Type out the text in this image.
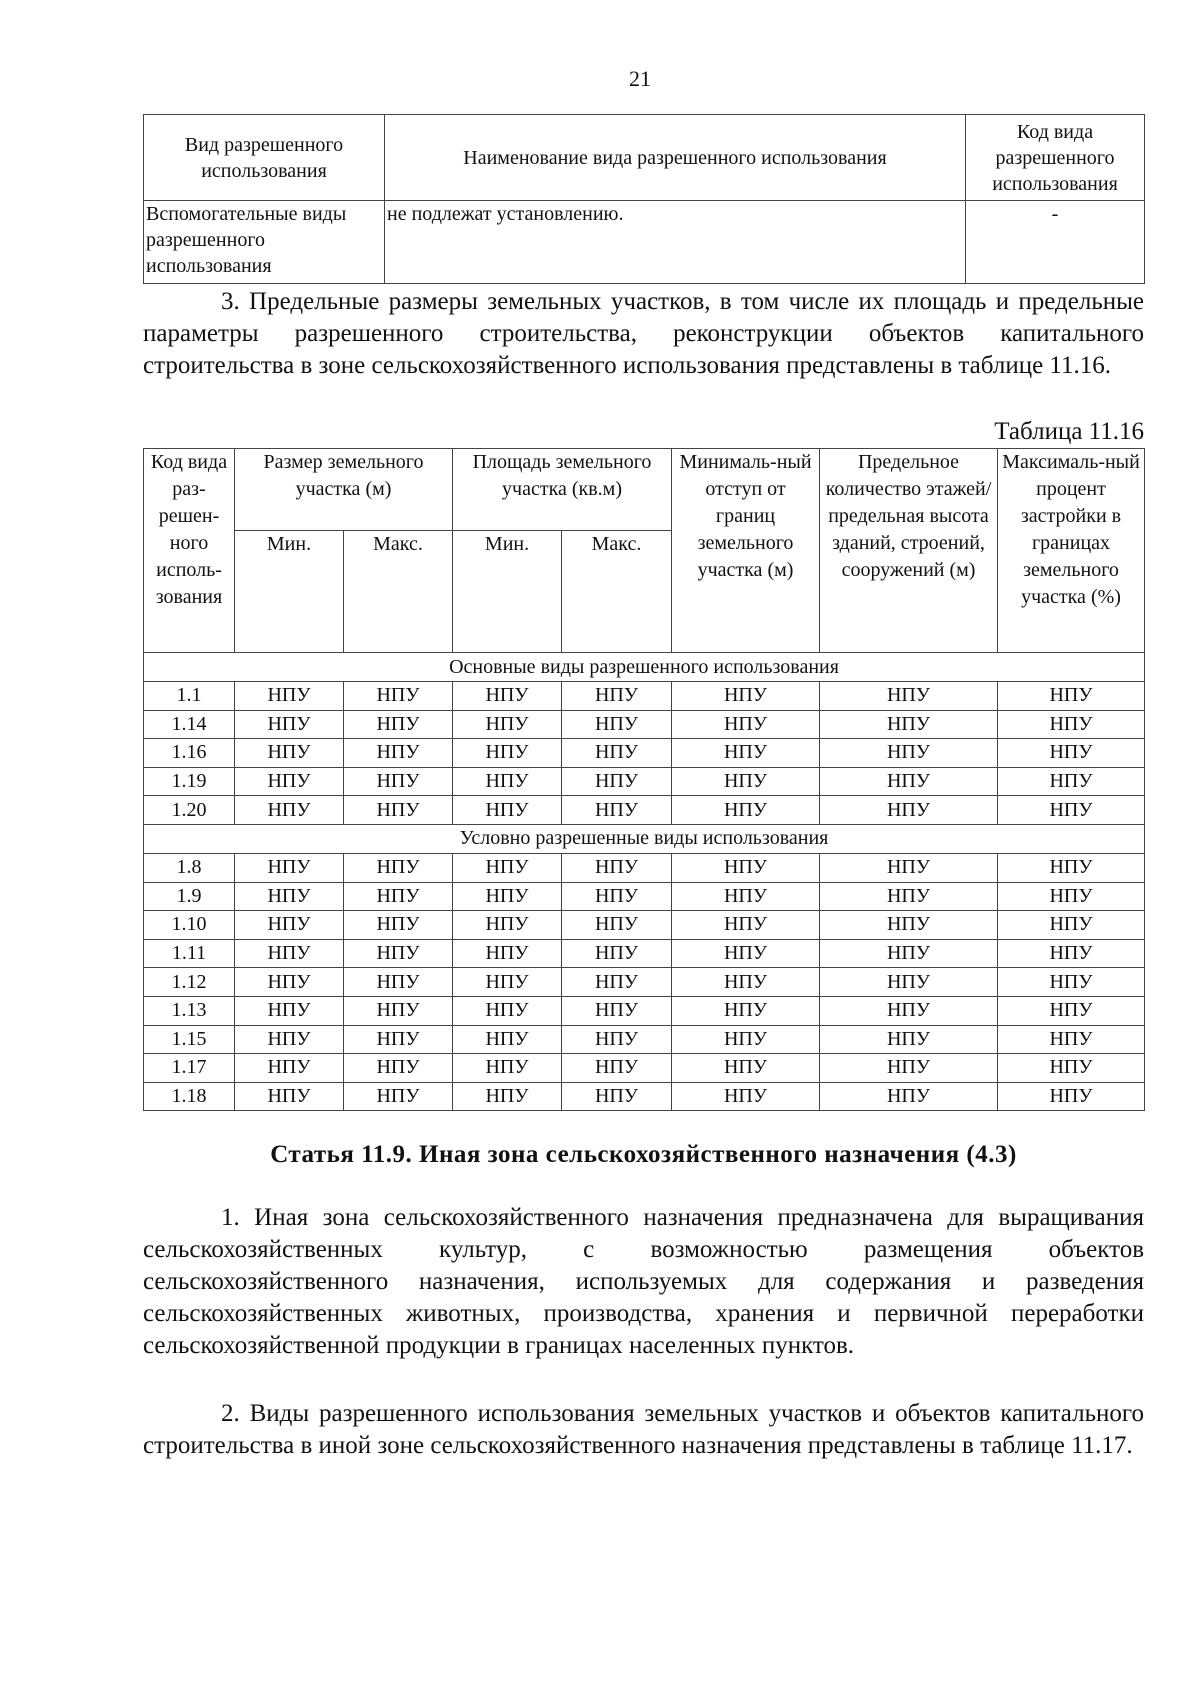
21
Вид разрешенного использования	Наименование вида разрешенного использования	Код вида разрешенного использования
Вспомогательные виды разрешенного использования	не подлежат установлению.	-
3. Предельные размеры земельных участков, в том числе их площадь и предельные параметры разрешенного строительства, реконструкции объектов капитального строительства в зоне сельскохозяйственного использования представлены в таблице 11.16.
Таблица 11.16
Код вида раз-решен-ного исполь-зования	Размер земельного участка (м)		Площадь земельного участка (кв.м)		Минималь-ный отступ от границ земельного участка (м)	Предельное количество этажей/ предельная высота зданий, строений, сооружений (м)	Максималь-ный процент застройки в границах земельного участка (%)
	Мин.	Макс.	Мин.	Макс.			
Основные виды разрешенного использования							
1.1	НПУ	НПУ	НПУ	НПУ	НПУ	НПУ	НПУ
1.14	НПУ	НПУ	НПУ	НПУ	НПУ	НПУ	НПУ
1.16	НПУ	НПУ	НПУ	НПУ	НПУ	НПУ	НПУ
1.19	НПУ	НПУ	НПУ	НПУ	НПУ	НПУ	НПУ
1.20	НПУ	НПУ	НПУ	НПУ	НПУ	НПУ	НПУ
Условно разрешенные виды использования							
1.8	НПУ	НПУ	НПУ	НПУ	НПУ	НПУ	НПУ
1.9	НПУ	НПУ	НПУ	НПУ	НПУ	НПУ	НПУ
1.10	НПУ	НПУ	НПУ	НПУ	НПУ	НПУ	НПУ
1.11	НПУ	НПУ	НПУ	НПУ	НПУ	НПУ	НПУ
1.12	НПУ	НПУ	НПУ	НПУ	НПУ	НПУ	НПУ
1.13	НПУ	НПУ	НПУ	НПУ	НПУ	НПУ	НПУ
1.15	НПУ	НПУ	НПУ	НПУ	НПУ	НПУ	НПУ
1.17	НПУ	НПУ	НПУ	НПУ	НПУ	НПУ	НПУ
1.18	НПУ	НПУ	НПУ	НПУ	НПУ	НПУ	НПУ
Статья 11.9. Иная зона сельскохозяйственного назначения (4.3)
1. Иная зона сельскохозяйственного назначения предназначена для выращивания сельскохозяйственных культур, с возможностью размещения объектов сельскохозяйственного назначения, используемых для содержания и разведения сельскохозяйственных животных, производства, хранения и первичной переработки сельскохозяйственной продукции в границах населенных пунктов.
2. Виды разрешенного использования земельных участков и объектов капитального строительства в иной зоне сельскохозяйственного назначения представлены в таблице 11.17.
